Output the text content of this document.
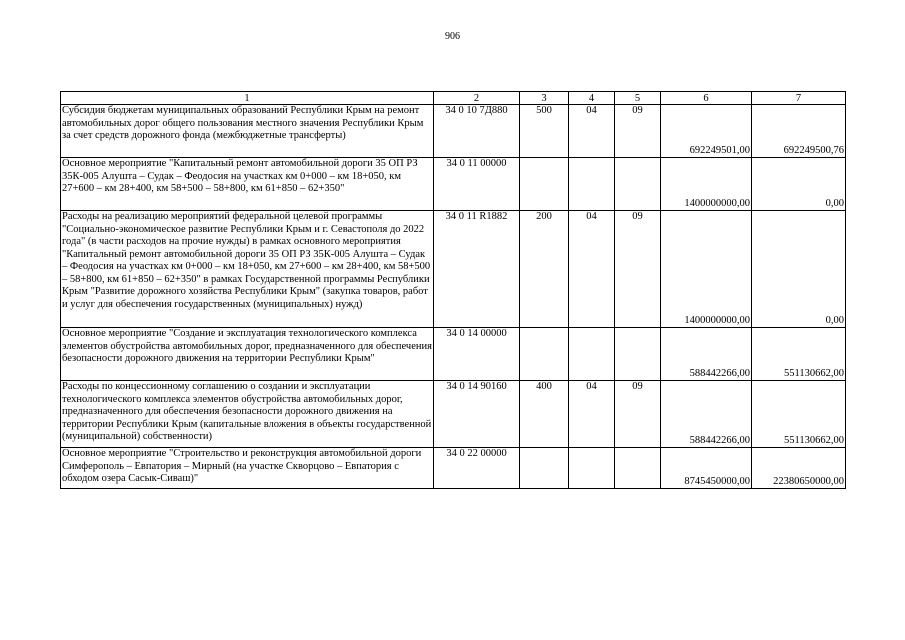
906
1	2	3	4	5	6	7
Субсидия бюджетам муниципальных образований Республики Крым на ремонт автомобильных дорог общего пользования местного значения Республики Крым за счет средств дорожного фонда (межбюджетные трансферты)	34 0 10 7Д880	500	04	09	692249501,00	692249500,76
Основное мероприятие "Капитальный ремонт автомобильной дороги 35 ОП РЗ 35К-005 Алушта – Судак – Феодосия на участках км 0+000 – км 18+050, км 27+600 – км 28+400, км 58+500 – 58+800, км 61+850 – 62+350"	34 0 11 00000				1400000000,00	0,00
Расходы на реализацию мероприятий федеральной целевой программы "Социально-экономическое развитие Республики Крым и г. Севастополя до 2022 года" (в части расходов на прочие нужды) в рамках основного мероприятия "Капитальный ремонт автомобильной дороги 35 ОП РЗ 35К-005 Алушта – Судак – Феодосия на участках км 0+000 – км 18+050, км 27+600 – км 28+400, км 58+500 – 58+800, км 61+850 – 62+350" в рамках Государственной программы Республики Крым "Развитие дорожного хозяйства Республики Крым" (закупка товаров, работ и услуг для обеспечения государственных (муниципальных) нужд)	34 0 11 R1882	200	04	09	1400000000,00	0,00
Основное мероприятие "Создание и эксплуатация технологического комплекса элементов обустройства автомобильных дорог, предназначенного для обеспечения безопасности дорожного движения на территории Республики Крым"	34 0 14 00000				588442266,00	551130662,00
Расходы по концессионному соглашению о создании и эксплуатации технологического комплекса элементов обустройства автомобильных дорог, предназначенного для обеспечения безопасности дорожного движения на территории Республики Крым (капитальные вложения в объекты государственной (муниципальной) собственности)	34 0 14 90160	400	04	09	588442266,00	551130662,00
Основное мероприятие "Строительство и реконструкция автомобильной дороги Симферополь – Евпатория – Мирный (на участке Скворцово – Евпатория с обходом озера Сасык-Сиваш)"	34 0 22 00000				8745450000,00	22380650000,00
